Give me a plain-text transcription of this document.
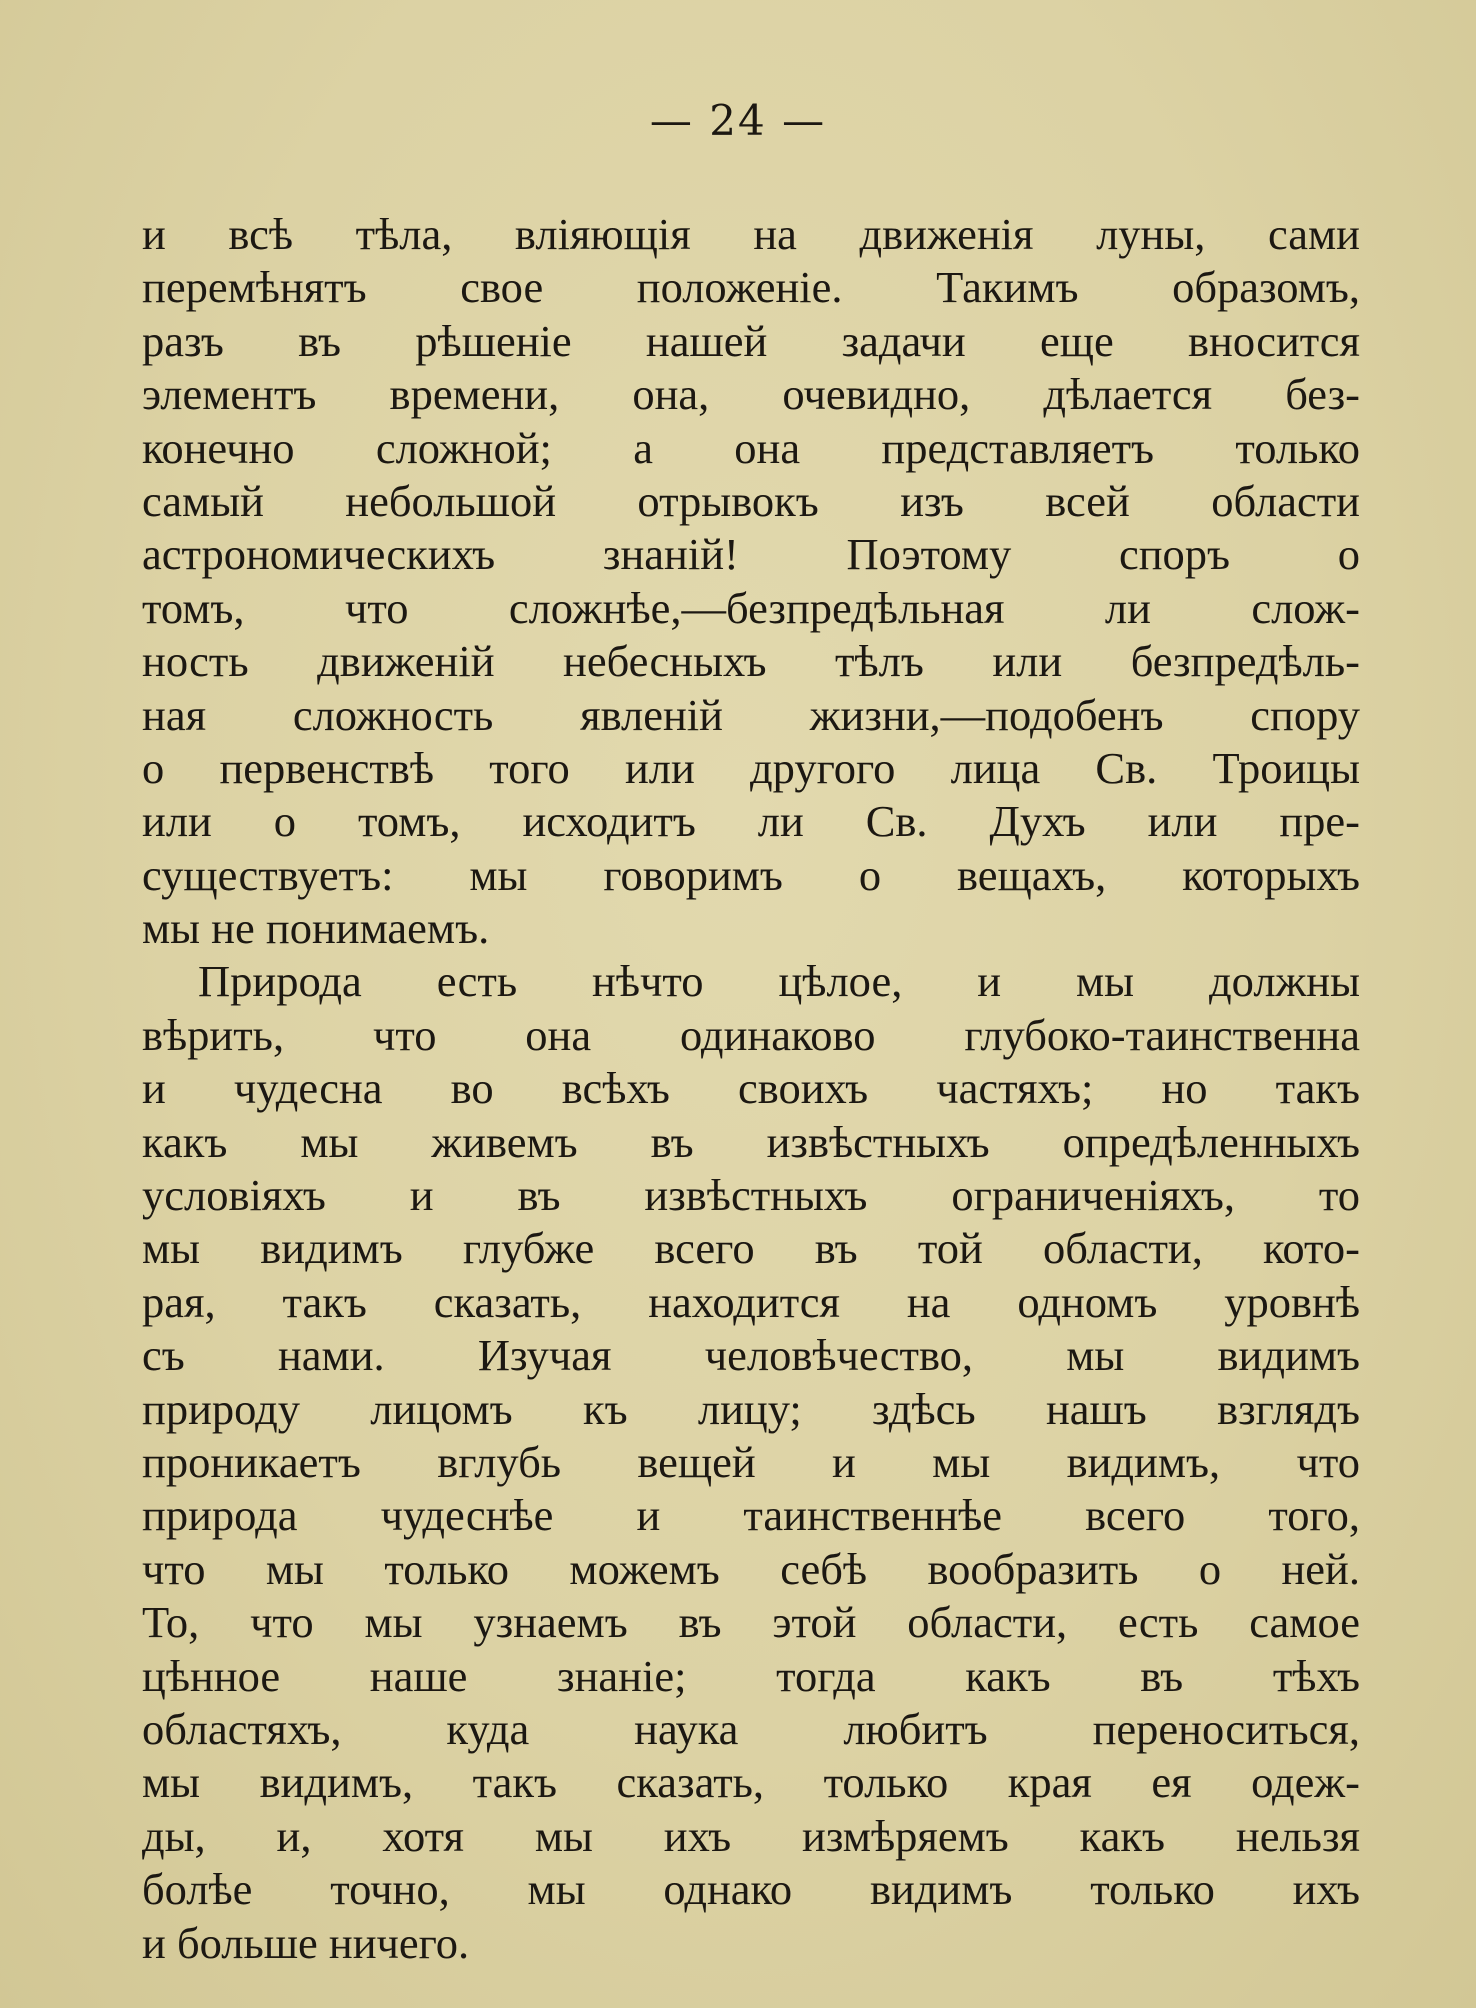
— 24 —
и всѣ тѣла, вліяющія на движенія луны, сами
перемѣнятъ свое положеніе. Такимъ образомъ,
разъ въ рѣшеніе нашей задачи еще вносится
элементъ времени, она, очевидно, дѣлается без-
конечно сложной; а она представляетъ только
самый небольшой отрывокъ изъ всей области
астрономическихъ знаній! Поэтому споръ о
томъ, что сложнѣе,—безпредѣльная ли слож-
ность движеній небесныхъ тѣлъ или безпредѣль-
ная сложность явленій жизни,—подобенъ спору
о первенствѣ того или другого лица Св. Троицы
или о томъ, исходитъ ли Св. Духъ или пре-
существуетъ: мы говоримъ о вещахъ, которыхъ
мы не понимаемъ.
Природа есть нѣчто цѣлое, и мы должны
вѣрить, что она одинаково глубоко-таинственна
и чудесна во всѣхъ своихъ частяхъ; но такъ
какъ мы живемъ въ извѣстныхъ опредѣленныхъ
условіяхъ и въ извѣстныхъ ограниченіяхъ, то
мы видимъ глубже всего въ той области, кото-
рая, такъ сказать, находится на одномъ уровнѣ
съ нами. Изучая человѣчество, мы видимъ
природу лицомъ къ лицу; здѣсь нашъ взглядъ
проникаетъ вглубь вещей и мы видимъ, что
природа чудеснѣе и таинственнѣе всего того,
что мы только можемъ себѣ вообразить о ней.
То, что мы узнаемъ въ этой области, есть самое
цѣнное наше знаніе; тогда какъ въ тѣхъ
областяхъ, куда наука любитъ переноситься,
мы видимъ, такъ сказать, только края ея одеж-
ды, и, хотя мы ихъ измѣряемъ какъ нельзя
болѣе точно, мы однако видимъ только ихъ
и больше ничего.
